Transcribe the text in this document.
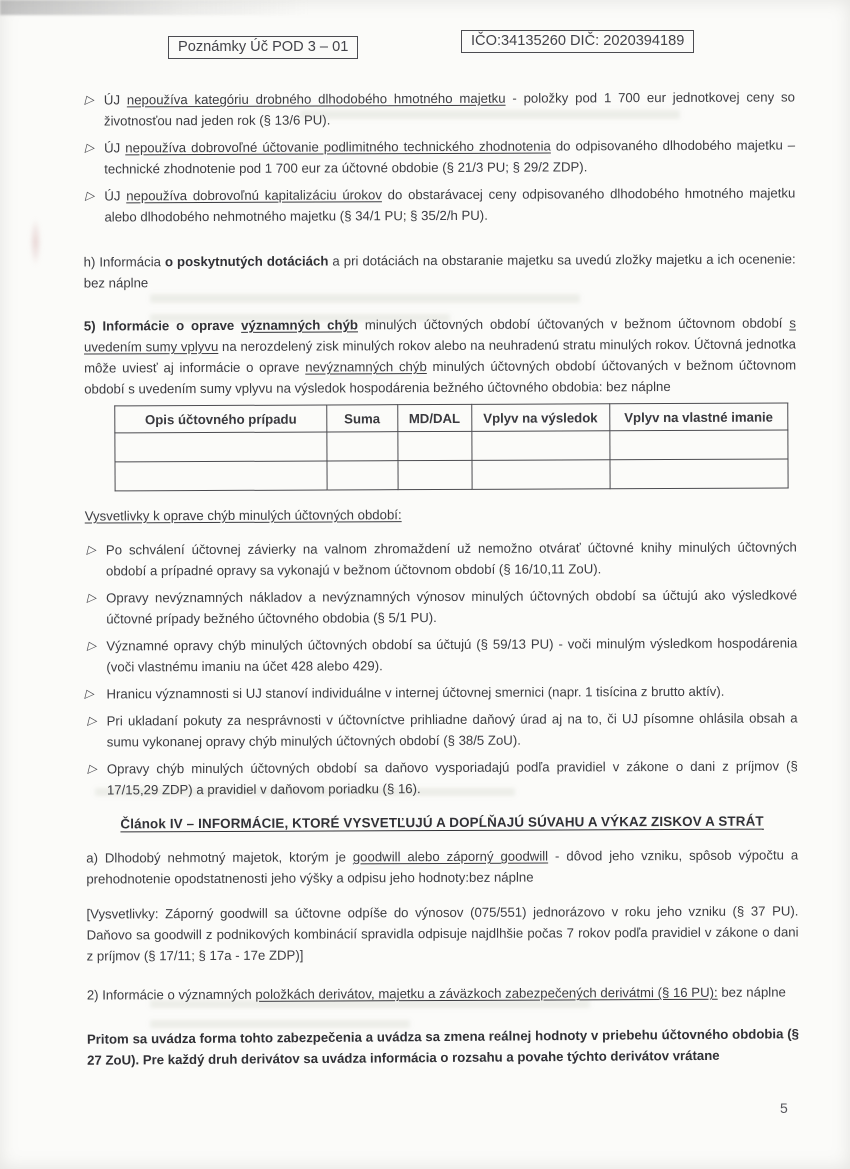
Poznámky Úč POD 3 – 01	IČO:34135260 DIČ: 2020394189
▷ ÚJ nepoužíva kategóriu drobného dlhodobého hmotného majetku - položky pod 1 700 eur jednotkovej ceny so životnosťou nad jeden rok (§ 13/6 PU).
▷ ÚJ nepoužíva dobrovoľné účtovanie podlimitného technického zhodnotenia do odpisovaného dlhodobého majetku – technické zhodnotenie pod 1 700 eur za účtovné obdobie (§ 21/3 PU; § 29/2 ZDP).
▷ ÚJ nepoužíva dobrovoľnú kapitalizáciu úrokov do obstarávacej ceny odpisovaného dlhodobého hmotného majetku alebo dlhodobého nehmotného majetku (§ 34/1 PU; § 35/2/h PU).

h) Informácia o poskytnutých dotáciách a pri dotáciách na obstaranie majetku sa uvedú zložky majetku a ich ocenenie: bez náplne

5) Informácie o oprave významných chýb minulých účtovných období účtovaných v bežnom účtovnom období s uvedením sumy vplyvu na nerozdelený zisk minulých rokov alebo na neuhradenú stratu minulých rokov. Účtovná jednotka môže uviesť aj informácie o oprave nevýznamných chýb minulých účtovných období účtovaných v bežnom účtovnom období s uvedením sumy vplyvu na výsledok hospodárenia bežného účtovného obdobia: bez náplne

Opis účtovného prípadu	Suma	MD/DAL	Vplyv na výsledok	Vplyv na vlastné imanie

Vysvetlivky k oprave chýb minulých účtovných období:

▷ Po schválení účtovnej závierky na valnom zhromaždení už nemožno otvárať účtovné knihy minulých účtovných období a prípadné opravy sa vykonajú v bežnom účtovnom období (§ 16/10,11 ZoU).
▷ Opravy nevýznamných nákladov a nevýznamných výnosov minulých účtovných období sa účtujú ako výsledkové účtovné prípady bežného účtovného obdobia (§ 5/1 PU).
▷ Významné opravy chýb minulých účtovných období sa účtujú (§ 59/13 PU) - voči minulým výsledkom hospodárenia (voči vlastnému imaniu na účet 428 alebo 429).
▷ Hranicu významnosti si UJ stanoví individuálne v internej účtovnej smernici (napr. 1 tisícina z brutto aktív).
▷ Pri ukladaní pokuty za nesprávnosti v účtovníctve prihliadne daňový úrad aj na to, či UJ písomne ohlásila obsah a sumu vykonanej opravy chýb minulých účtovných období (§ 38/5 ZoU).
▷ Opravy chýb minulých účtovných období sa daňovo vysporiadajú podľa pravidiel v zákone o dani z príjmov (§ 17/15,29 ZDP) a pravidiel v daňovom poriadku (§ 16).
Článok IV – INFORMÁCIE, KTORÉ VYSVETĽUJÚ A DOPĹŇAJÚ SÚVAHU A VÝKAZ ZISKOV A STRÁT

a) Dlhodobý nehmotný majetok, ktorým je goodwill alebo záporný goodwill - dôvod jeho vzniku, spôsob výpočtu a prehodnotenie opodstatnenosti jeho výšky a odpisu jeho hodnoty:bez náplne

[Vysvetlivky: Záporný goodwill sa účtovne odpíše do výnosov (075/551) jednorázovo v roku jeho vzniku (§ 37 PU). Daňovo sa goodwill z podnikových kombinácií spravidla odpisuje najdlhšie počas 7 rokov podľa pravidiel v zákone o dani z príjmov (§ 17/11; § 17a - 17e ZDP)]

2) Informácie o významných položkách derivátov, majetku a záväzkoch zabezpečených derivátmi (§ 16 PU): bez náplne

Pritom sa uvádza forma tohto zabezpečenia a uvádza sa zmena reálnej hodnoty v priebehu účtovného obdobia (§ 27 ZoU). Pre každý druh derivátov sa uvádza informácia o rozsahu a povahe týchto derivátov vrátane

5
